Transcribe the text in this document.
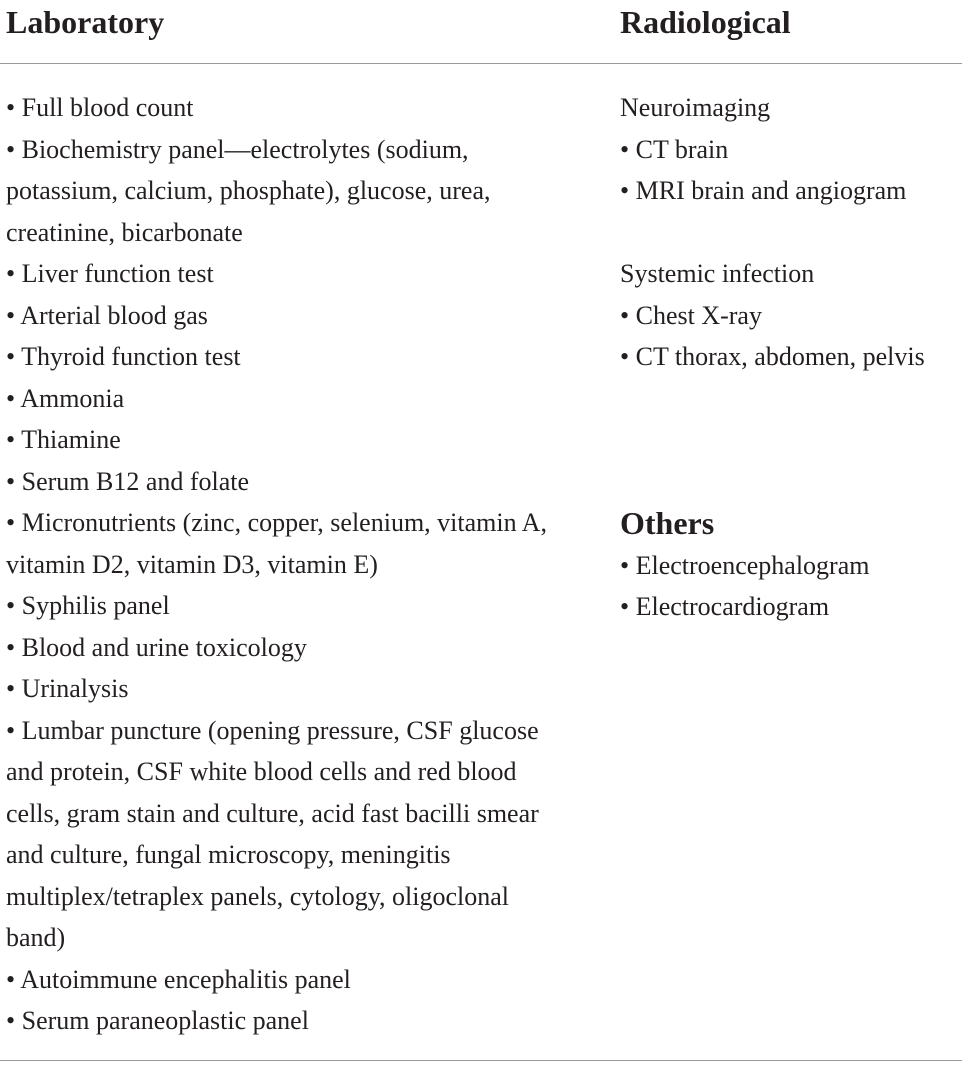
Laboratory	Radiological

• Full blood count

• Biochemistry panel—electrolytes (sodium, potassium, calcium, phosphate), glucose, urea, creatinine, bicarbonate

• Liver function test

• Arterial blood gas

• Thyroid function test

• Ammonia

• Thiamine

• Serum B12 and folate

• Micronutrients (zinc, copper, selenium, vitamin A, vitamin D2, vitamin D3, vitamin E)

• Syphilis panel

• Blood and urine toxicology

• Urinalysis

• Lumbar puncture (opening pressure, CSF glucose and protein, CSF white blood cells and red blood cells, gram stain and culture, acid fast bacilli smear and culture, fungal microscopy, meningitis multiplex/tetraplex panels, cytology, oligoclonal band)

• Autoimmune encephalitis panel

• Serum paraneoplastic panel

Neuroimaging

• CT brain

• MRI brain and angiogram

Systemic infection

• Chest X-ray

• CT thorax, abdomen, pelvis

Others

• Electroencephalogram

• Electrocardiogram
